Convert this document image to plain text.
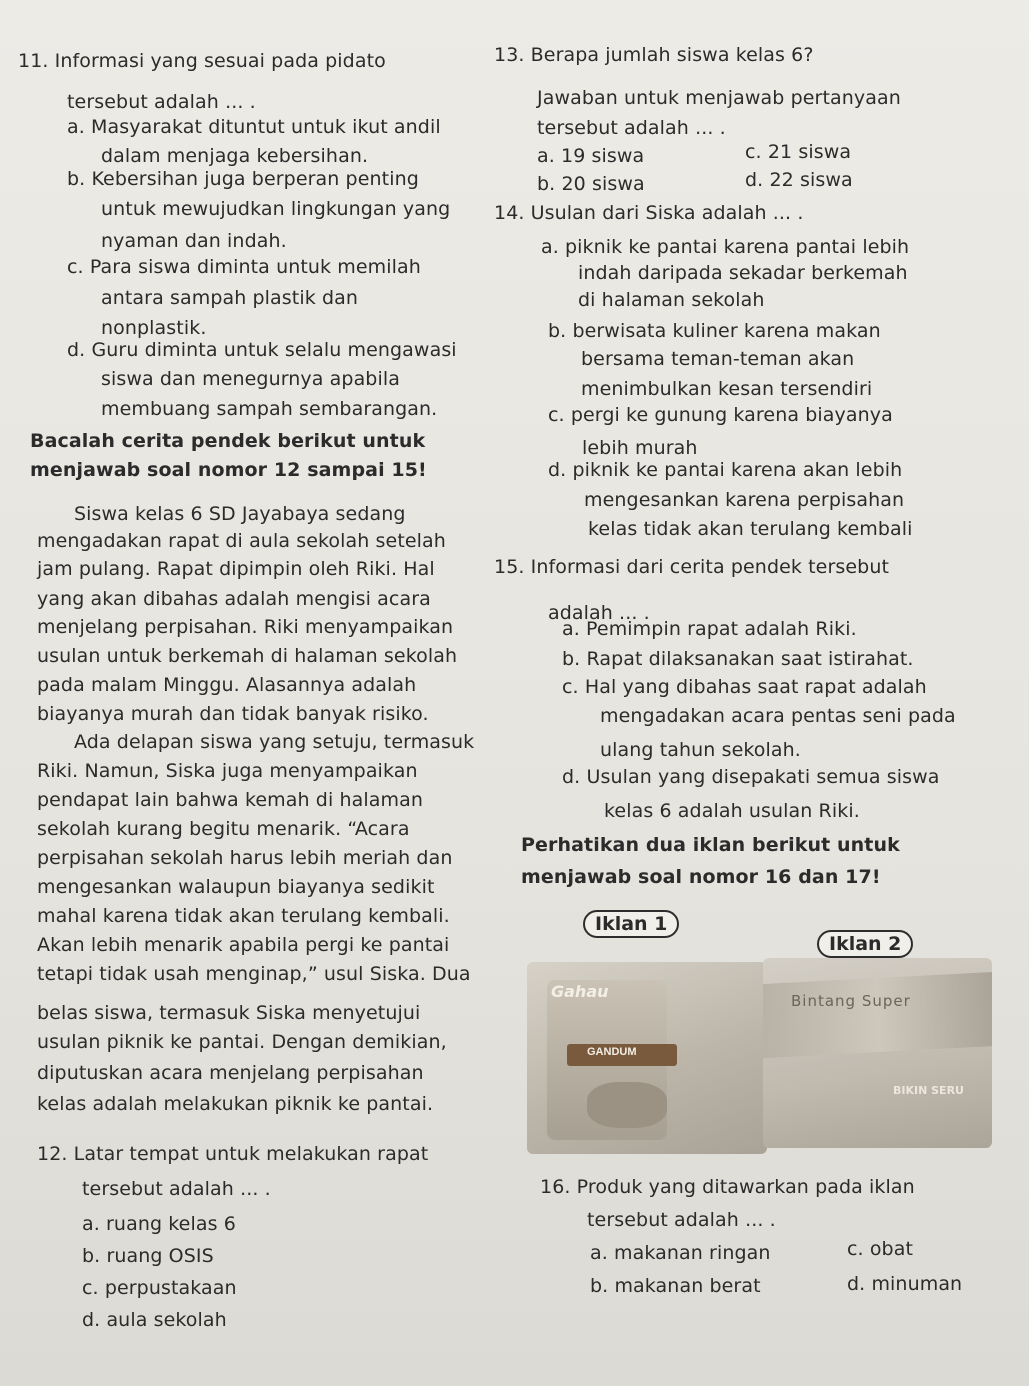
11. Informasi yang sesuai pada pidato
tersebut adalah ... .
a. Masyarakat dituntut untuk ikut andil
dalam menjaga kebersihan.
b. Kebersihan juga berperan penting
untuk mewujudkan lingkungan yang
nyaman dan indah.
c. Para siswa diminta untuk memilah
antara sampah plastik dan
nonplastik.
d. Guru diminta untuk selalu mengawasi
siswa dan menegurnya apabila
membuang sampah sembarangan.
Bacalah cerita pendek berikut untuk
menjawab soal nomor 12 sampai 15!
Siswa kelas 6 SD Jayabaya sedang
mengadakan rapat di aula sekolah setelah
jam pulang. Rapat dipimpin oleh Riki. Hal
yang akan dibahas adalah mengisi acara
menjelang perpisahan. Riki menyampaikan
usulan untuk berkemah di halaman sekolah
pada malam Minggu. Alasannya adalah
biayanya murah dan tidak banyak risiko.
Ada delapan siswa yang setuju, termasuk
Riki. Namun, Siska juga menyampaikan
pendapat lain bahwa kemah di halaman
sekolah kurang begitu menarik. “Acara
perpisahan sekolah harus lebih meriah dan
mengesankan walaupun biayanya sedikit
mahal karena tidak akan terulang kembali.
Akan lebih menarik apabila pergi ke pantai
tetapi tidak usah menginap,” usul Siska. Dua
belas siswa, termasuk Siska menyetujui
usulan piknik ke pantai. Dengan demikian,
diputuskan acara menjelang perpisahan
kelas adalah melakukan piknik ke pantai.
12. Latar tempat untuk melakukan rapat
tersebut adalah ... .
a. ruang kelas 6
b. ruang OSIS
c. perpustakaan
d. aula sekolah
13. Berapa jumlah siswa kelas 6?
Jawaban untuk menjawab pertanyaan
tersebut adalah ... .
a. 19 siswa	c. 21 siswa
b. 20 siswa	d. 22 siswa
14. Usulan dari Siska adalah ... .
a. piknik ke pantai karena pantai lebih
indah daripada sekadar berkemah
di halaman sekolah
b. berwisata kuliner karena makan
bersama teman-teman akan
menimbulkan kesan tersendiri
c. pergi ke gunung karena biayanya
lebih murah
d. piknik ke pantai karena akan lebih
mengesankan karena perpisahan
kelas tidak akan terulang kembali
15. Informasi dari cerita pendek tersebut
adalah ... .
a. Pemimpin rapat adalah Riki.
b. Rapat dilaksanakan saat istirahat.
c. Hal yang dibahas saat rapat adalah
mengadakan acara pentas seni pada
ulang tahun sekolah.
d. Usulan yang disepakati semua siswa
kelas 6 adalah usulan Riki.
Perhatikan dua iklan berikut untuk
menjawab soal nomor 16 dan 17!
Gahau
GANDUM
Iklan 1
Bintang Super
BIKIN SERU
Iklan 2
16. Produk yang ditawarkan pada iklan
tersebut adalah ... .
a. makanan ringan	c. obat
b. makanan berat	d. minuman
